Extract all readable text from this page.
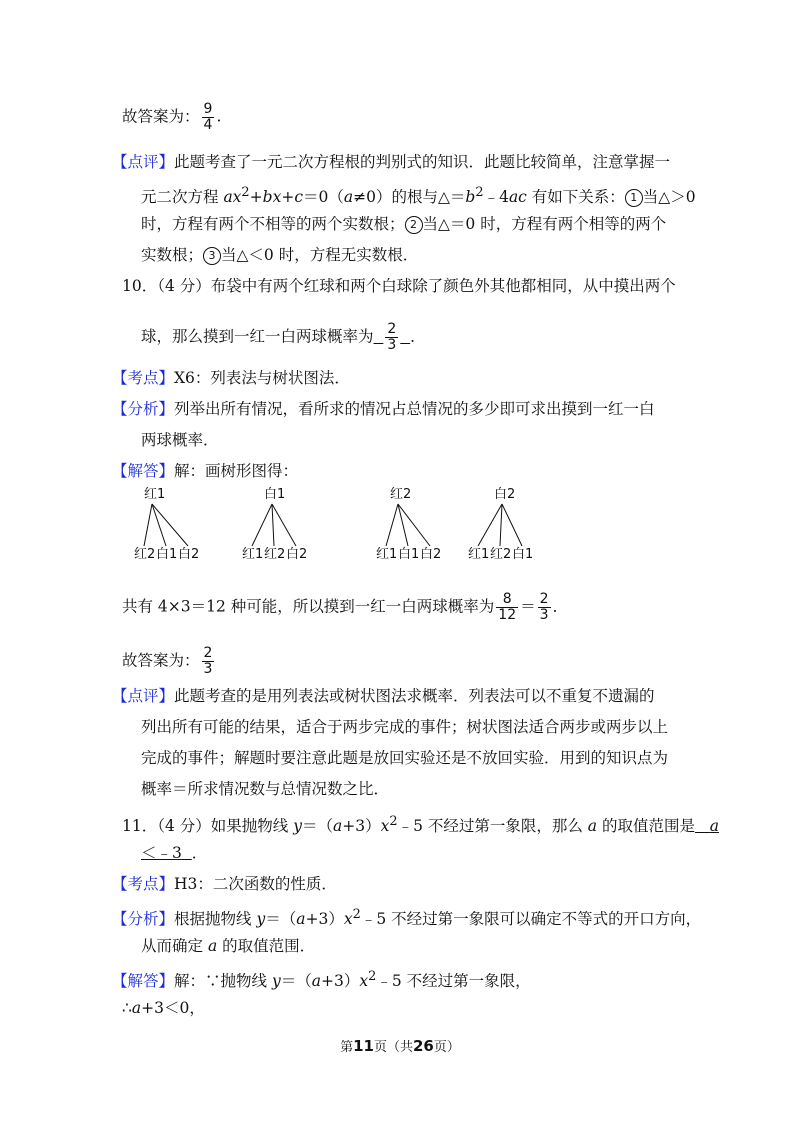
故答案为： $\frac{9}{4}$ .
【点评】此题考查了一元二次方程根的判别式的知识．此题比较简单，注意掌握一
元二次方程 $ax^2+bx+c=0(a\ne 0)$的根与$\triangle=b^2﹣4ac$ 有如下关系： 1 当△＞0
时，方程有两个不相等的两个实数根； 2 当△＝0 时，方程有两个相等的两个
实数根； 3 当△＜0 时，方程无实数根．
10．（4 分）布袋中有两个红球和两个白球除了颜色外其他都相同，从中摸出两个
球，那么摸到一红一白两球概率为 $\frac{2}{3}$ ．
【考点】X6：列表法与树状图法．
【分析】列举出所有情况，看所求的情况占总情况的多少即可求出摸到一红一白
两球概率．
【解答】解：画树形图得：
红1
红2 白1 白2
白1
红1 红2 白2
红2
红1 白1 白2
白2
红1 红2 白1
共有 4×3＝12 种可能，所以摸到一红一白两球概率为 $\frac{8}{12} = \frac{2}{3}$ ．
故答案为： $\frac{2}{3}$
【点评】此题考查的是用列表法或树状图法求概率．列表法可以不重复不遗漏的
列出所有可能的结果，适合于两步完成的事件；树状图法适合两步或两步以上
完成的事件；解题时要注意此题是放回实验还是不放回实验．用到的知识点为
概率＝所求情况数与总情况数之比．
11．（4 分）如果抛物线 $y=(a+3)x^2﹣5$ 不经过第一象限，那么 a 的取值范围是 a
＜﹣3 ．
【考点】H3：二次函数的性质．
【分析】根据抛物线 $y=(a+3)x^2﹣5$ 不经过第一象限可以确定不等式的开口方向，
从而确定 a 的取值范围．
【解答】解：∵抛物线 $y=(a+3)x^2﹣5$ 不经过第一象限，
∴a+3＜0，
第11页（共26页）
